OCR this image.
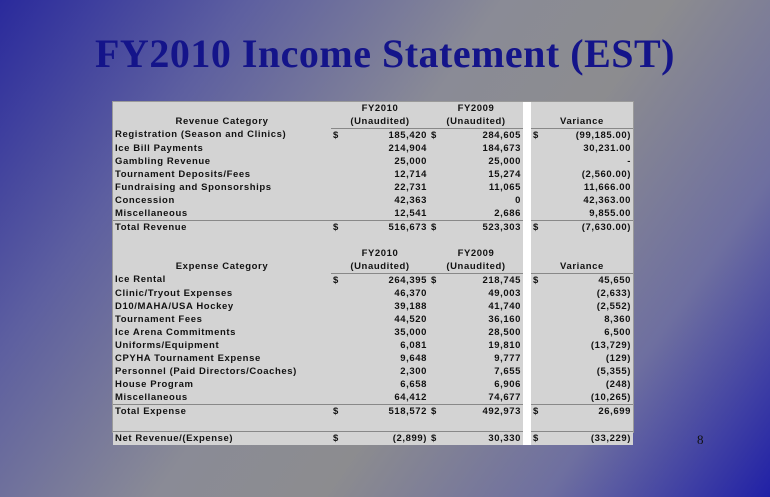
FY2010 Income Statement (EST)
	FY2010		FY2009				
Revenue Category	(Unaudited)		(Unaudited)			Variance	
Registration (Season and Clinics)	$	185,420	$	284,605		$	(99,185.00)
Ice Bill Payments		214,904		184,673			30,231.00
Gambling Revenue		25,000		25,000			-
Tournament Deposits/Fees		12,714		15,274			(2,560.00)
Fundraising and Sponsorships		22,731		11,065			11,666.00
Concession		42,363		0			42,363.00
Miscellaneous		12,541		2,686			9,855.00
Total Revenue	$	516,673	$	523,303		$	(7,630.00)

	FY2010		FY2009				
Expense Category	(Unaudited)		(Unaudited)			Variance	
Ice Rental	$	264,395	$	218,745		$	45,650
Clinic/Tryout Expenses		46,370		49,003			(2,633)
D10/MAHA/USA Hockey		39,188		41,740			(2,552)
Tournament Fees		44,520		36,160			8,360
Ice Arena Commitments		35,000		28,500			6,500
Uniforms/Equipment		6,081		19,810			(13,729)
CPYHA Tournament Expense		9,648		9,777			(129)
Personnel (Paid Directors/Coaches)		2,300		7,655			(5,355)
House Program		6,658		6,906			(248)
Miscellaneous		64,412		74,677			(10,265)
Total Expense	$	518,572	$	492,973		$	26,699

Net Revenue/(Expense)	$	(2,899)	$	30,330		$	(33,229)	8
